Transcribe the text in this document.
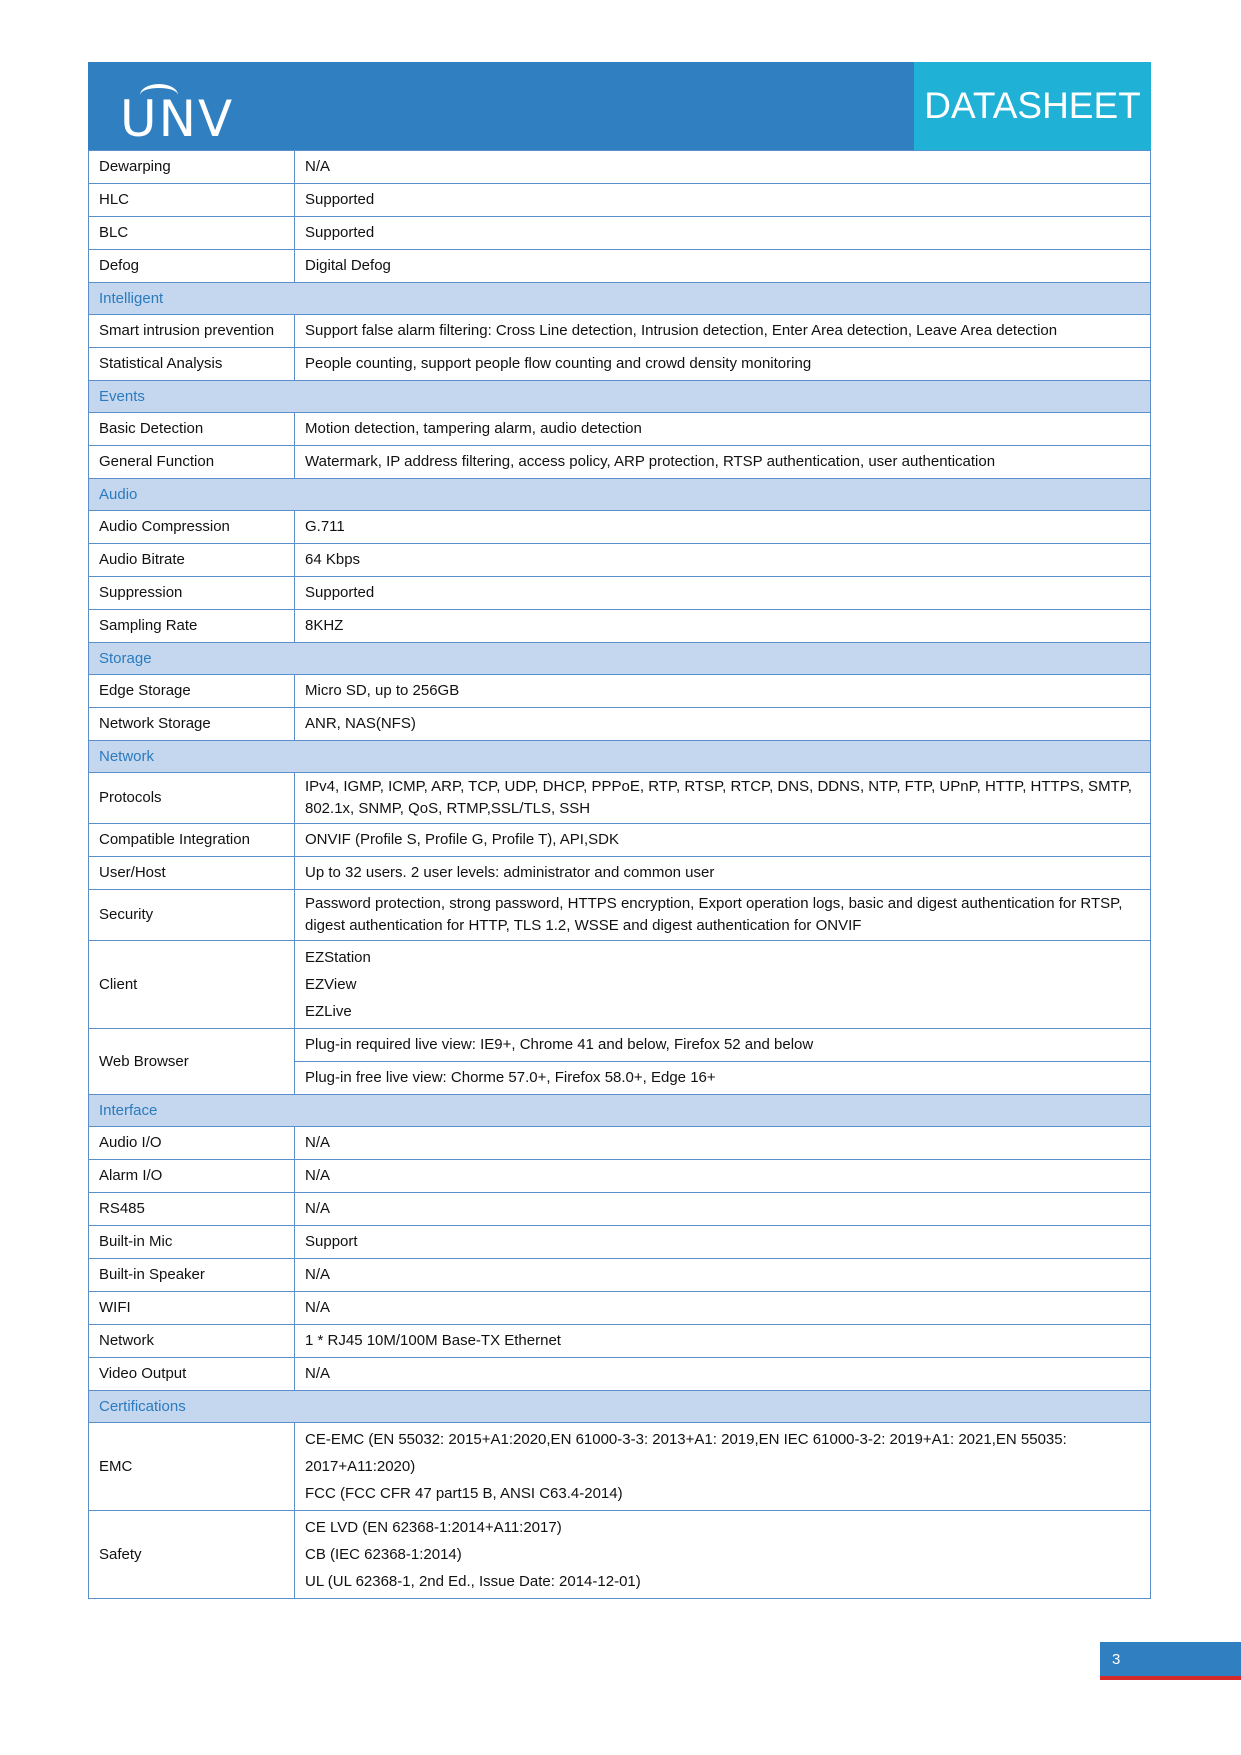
UNV	DATASHEET
Dewarping	N/A
HLC	Supported
BLC	Supported
Defog	Digital Defog
Intelligent	
Smart intrusion prevention	Support false alarm filtering: Cross Line detection, Intrusion detection, Enter Area detection, Leave Area detection
Statistical Analysis	People counting, support people flow counting and crowd density monitoring
Events	
Basic Detection	Motion detection, tampering alarm, audio detection
General Function	Watermark, IP address filtering, access policy, ARP protection, RTSP authentication, user authentication
Audio	
Audio Compression	G.711
Audio Bitrate	64 Kbps
Suppression	Supported
Sampling Rate	8KHZ
Storage	
Edge Storage	Micro SD, up to 256GB
Network Storage	ANR, NAS(NFS)
Network	
Protocols	IPv4, IGMP, ICMP, ARP, TCP, UDP, DHCP, PPPoE, RTP, RTSP, RTCP, DNS, DDNS, NTP, FTP, UPnP, HTTP, HTTPS, SMTP, 802.1x, SNMP, QoS, RTMP,SSL/TLS, SSH
Compatible Integration	ONVIF (Profile S, Profile G, Profile T), API,SDK
User/Host	Up to 32 users. 2 user levels: administrator and common user
Security	Password protection, strong password, HTTPS encryption, Export operation logs, basic and digest authentication for RTSP, digest authentication for HTTP, TLS 1.2, WSSE and digest authentication for ONVIF
Client	EZStation
EZView
EZLive

Web Browser	Plug-in required live view: IE9+, Chrome 41 and below, Firefox 52 and below
	Plug-in free live view: Chorme 57.0+, Firefox 58.0+, Edge 16+
Interface	
Audio I/O	N/A
Alarm I/O	N/A
RS485	N/A
Built-in Mic	Support
Built-in Speaker	N/A
WIFI	N/A
Network	1 * RJ45 10M/100M Base-TX Ethernet
Video Output	N/A
Certifications	
EMC	CE-EMC (EN 55032: 2015+A1:2020,EN 61000-3-3: 2013+A1: 2019,EN IEC 61000-3-2: 2019+A1: 2021,EN 55035: 2017+A11:2020)
FCC (FCC CFR 47 part15 B, ANSI C63.4-2014)

Safety	CE LVD (EN 62368-1:2014+A11:2017)
CB (IEC 62368-1:2014)
UL (UL 62368-1, 2nd Ed., Issue Date: 2014-12-01)
3
